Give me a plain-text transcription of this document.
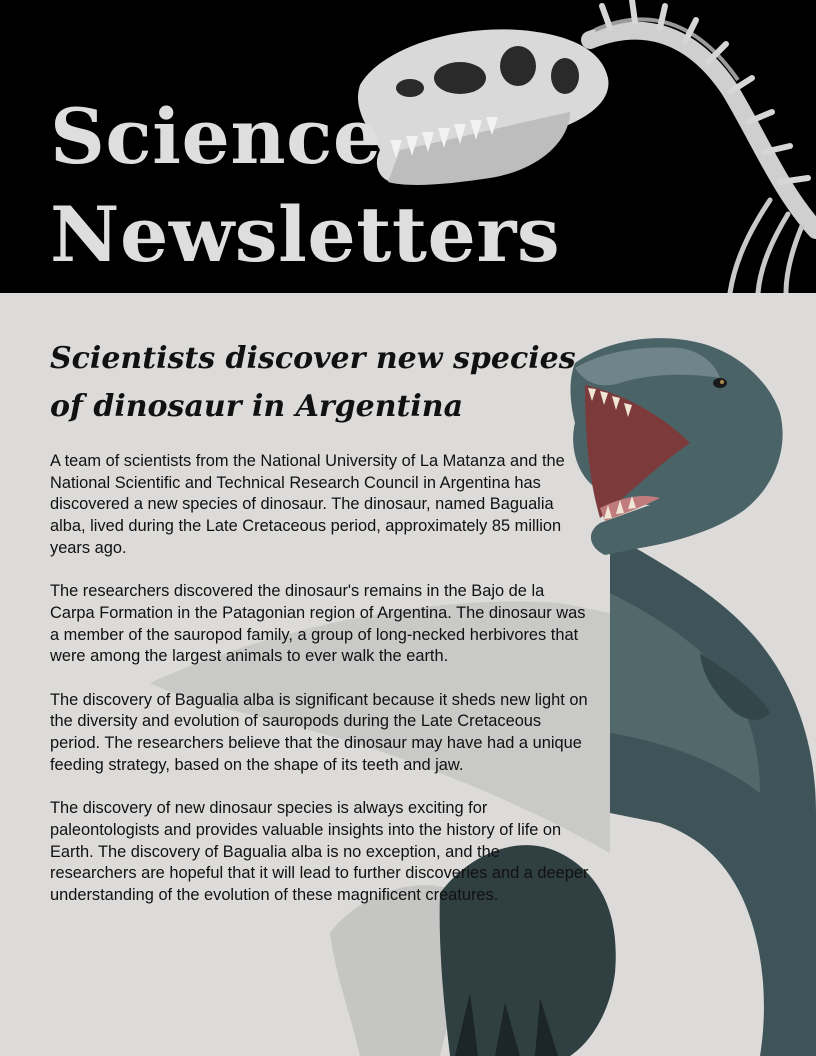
Science
Newsletters
Scientists discover new species
of dinosaur in Argentina

A team of scientists from the National University of La Matanza and the National Scientific and Technical Research Council in Argentina has discovered a new species of dinosaur. The dinosaur, named Bagualia alba, lived during the Late Cretaceous period, approximately 85 million years ago.

The researchers discovered the dinosaur's remains in the Bajo de la Carpa Formation in the Patagonian region of Argentina. The dinosaur was a member of the sauropod family, a group of long-necked herbivores that were among the largest animals to ever walk the earth.

The discovery of Bagualia alba is significant because it sheds new light on the diversity and evolution of sauropods during the Late Cretaceous period. The researchers believe that the dinosaur may have had a unique feeding strategy, based on the shape of its teeth and jaw.

The discovery of new dinosaur species is always exciting for paleontologists and provides valuable insights into the history of life on Earth. The discovery of Bagualia alba is no exception, and the researchers are hopeful that it will lead to further discoveries and a deeper understanding of the evolution of these magnificent creatures.
